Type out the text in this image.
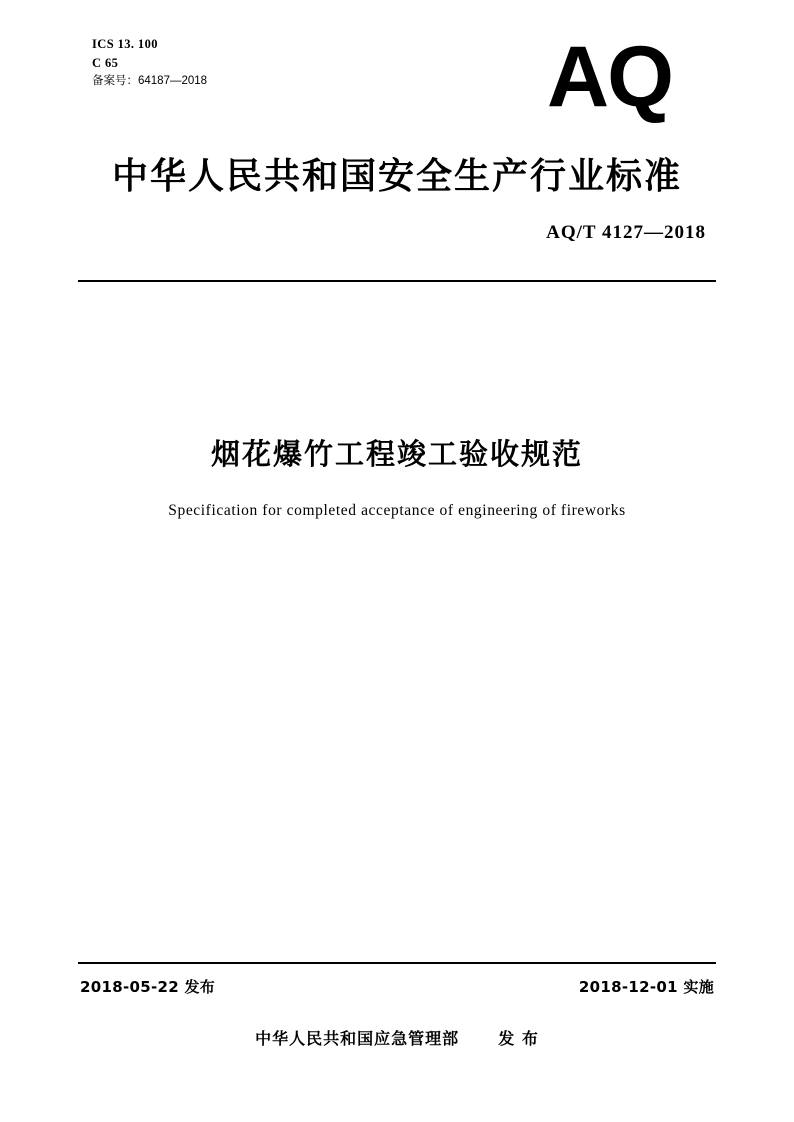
ICS 13. 100
C 65
备案号：64187—2018	AQ
中华人民共和国安全生产行业标准
AQ/T 4127—2018
烟花爆竹工程竣工验收规范
Specification for completed acceptance of engineering of fireworks
2018-05-22 发布	2018-12-01 实施
中华人民共和国应急管理部 发 布
